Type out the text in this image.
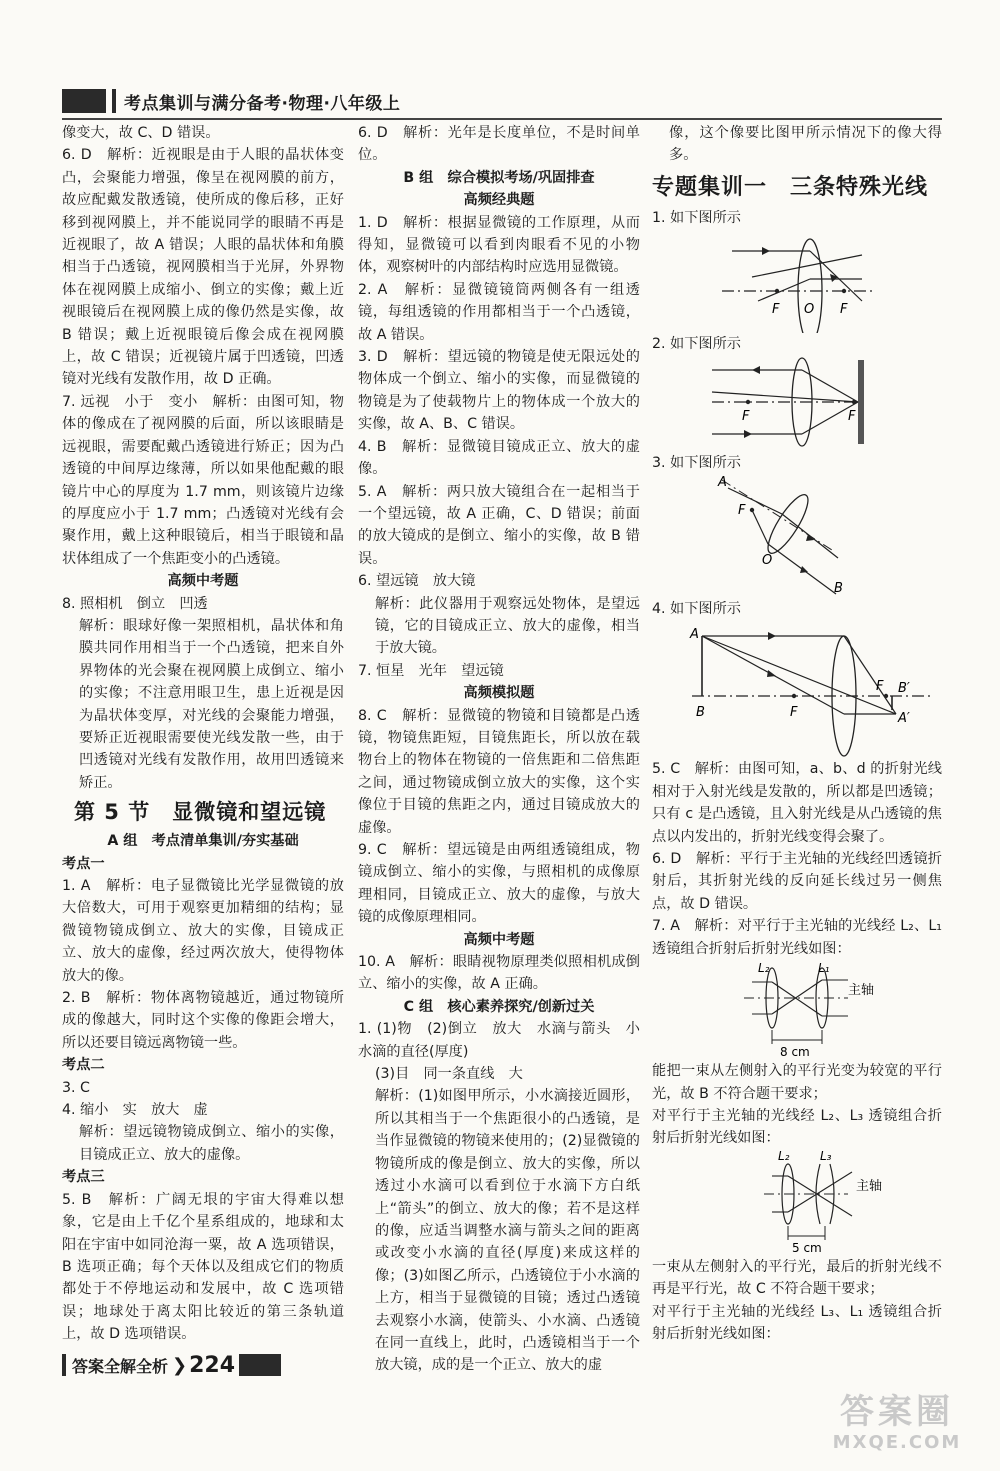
考点集训与满分备考·物理·八年级上

像变大，故 C、D 错误。

6. D　解析：近视眼是由于人眼的晶状体变凸，会聚能力增强，像呈在视网膜的前方，故应配戴发散透镜，使所成的像后移，正好移到视网膜上，并不能说同学的眼睛不再是近视眼了，故 A 错误；人眼的晶状体和角膜相当于凸透镜，视网膜相当于光屏，外界物体在视网膜上成缩小、倒立的实像；戴上近视眼镜后在视网膜上成的像仍然是实像，故 B 错误；戴上近视眼镜后像会成在视网膜上，故 C 错误；近视镜片属于凹透镜，凹透镜对光线有发散作用，故 D 正确。

7. 远视　小于　变小　解析：由图可知，物体的像成在了视网膜的后面，所以该眼睛是远视眼，需要配戴凸透镜进行矫正；因为凸透镜的中间厚边缘薄，所以如果他配戴的眼镜片中心的厚度为 1.7 mm，则该镜片边缘的厚度应小于 1.7 mm；凸透镜对光线有会聚作用，戴上这种眼镜后，相当于眼镜和晶状体组成了一个焦距变小的凸透镜。

高频中考题

8. 照相机　倒立　凹透

解析：眼球好像一架照相机，晶状体和角膜共同作用相当于一个凸透镜，把来自外界物体的光会聚在视网膜上成倒立、缩小的实像；不注意用眼卫生，患上近视是因为晶状体变厚，对光线的会聚能力增强，要矫正近视眼需要使光线发散一些，由于凹透镜对光线有发散作用，故用凹透镜来矫正。

第 5 节　显微镜和望远镜

A 组　考点清单集训/夯实基础

考点一

1. A　解析：电子显微镜比光学显微镜的放大倍数大，可用于观察更加精细的结构；显微镜物镜成倒立、放大的实像，目镜成正立、放大的虚像，经过两次放大，使得物体放大的像。

2. B　解析：物体离物镜越近，通过物镜所成的像越大，同时这个实像的像距会增大，所以还要目镜远离物镜一些。

考点二

3. C

4. 缩小　实　放大　虚

解析：望远镜物镜成倒立、缩小的实像，目镜成正立、放大的虚像。

考点三

5. B　解析：广阔无垠的宇宙大得难以想象，它是由上千亿个星系组成的，地球和太阳在宇宙中如同沧海一粟，故 A 选项错误，B 选项正确；每个天体以及组成它们的物质都处于不停地运动和发展中，故 C 选项错误；地球处于离太阳比较近的第三条轨道上，故 D 选项错误。

6. D　解析：光年是长度单位，不是时间单位。

B 组　综合模拟考场/巩固排查

高频经典题

1. D　解析：根据显微镜的工作原理，从而得知，显微镜可以看到肉眼看不见的小物体，观察树叶的内部结构时应选用显微镜。

2. A　解析：显微镜镜筒两侧各有一组透镜，每组透镜的作用都相当于一个凸透镜，故 A 错误。

3. D　解析：望远镜的物镜是使无限远处的物体成一个倒立、缩小的实像，而显微镜的物镜是为了使载物片上的物体成一个放大的实像，故 A、B、C 错误。

4. B　解析：显微镜目镜成正立、放大的虚像。

5. A　解析：两只放大镜组合在一起相当于一个望远镜，故 A 正确，C、D 错误；前面的放大镜成的是倒立、缩小的实像，故 B 错误。

6. 望远镜　放大镜

解析：此仪器用于观察远处物体，是望远镜，它的目镜成正立、放大的虚像，相当于放大镜。

7. 恒星　光年　望远镜

高频模拟题

8. C　解析：显微镜的物镜和目镜都是凸透镜，物镜焦距短，目镜焦距长，所以放在载物台上的物体在物镜的一倍焦距和二倍焦距之间，通过物镜成倒立放大的实像，这个实像位于目镜的焦距之内，通过目镜成放大的虚像。

9. C　解析：望远镜是由两组透镜组成，物镜成倒立、缩小的实像，与照相机的成像原理相同，目镜成正立、放大的虚像，与放大镜的成像原理相同。

高频中考题

10. A　解析：眼睛视物原理类似照相机成倒立、缩小的实像，故 A 正确。

C 组　核心素养探究/创新过关

1. (1)物　(2)倒立　放大　水滴与箭头　小水滴的直径(厚度)

(3)目　同一条直线　大

解析：(1)如图甲所示，小水滴接近圆形，所以其相当于一个焦距很小的凸透镜，是当作显微镜的物镜来使用的；(2)显微镜的物镜所成的像是倒立、放大的实像，所以透过小水滴可以看到位于水滴下方白纸上“箭头”的倒立、放大的像；若不是这样的像，应适当调整水滴与箭头之间的距离或改变小水滴的直径(厚度)来成这样的像；(3)如图乙所示，凸透镜位于小水滴的上方，相当于显微镜的目镜；透过凸透镜去观察小水滴，使箭头、小水滴、凸透镜在同一直线上，此时，凸透镜相当于一个放大镜，成的是一个正立、放大的虚

像，这个像要比图甲所示情况下的像大得多。

专题集训一　三条特殊光线

1. 如下图所示

F O F

2. 如下图所示

F	F

3. 如下图所示

A
F
O
B

4. 如下图所示

A
B	F
F B′
A′

5. C　解析：由图可知，a、b、d 的折射光线相对于入射光线是发散的，所以都是凹透镜；只有 c 是凸透镜，且入射光线是从凸透镜的焦点以内发出的，折射光线变得会聚了。

6. D　解析：平行于主光轴的光线经凹透镜折射后，其折射光线的反向延长线过另一侧焦点，故 D 错误。

7. A　解析：对平行于主光轴的光线经 L₂、L₁ 透镜组合折射后折射光线如图：

L₂	L₁
主轴
8 cm

能把一束从左侧射入的平行光变为较宽的平行光，故 B 不符合题干要求；

对平行于主光轴的光线经 L₂、L₃ 透镜组合折射后折射光线如图：

L₂	L₃
主轴
5 cm

一束从左侧射入的平行光，最后的折射光线不再是平行光，故 C 不符合题干要求；

对平行于主光轴的光线经 L₃、L₁ 透镜组合折射后折射光线如图：

答案全解全析 ❯ 224
答案圈
MXQE.COM
